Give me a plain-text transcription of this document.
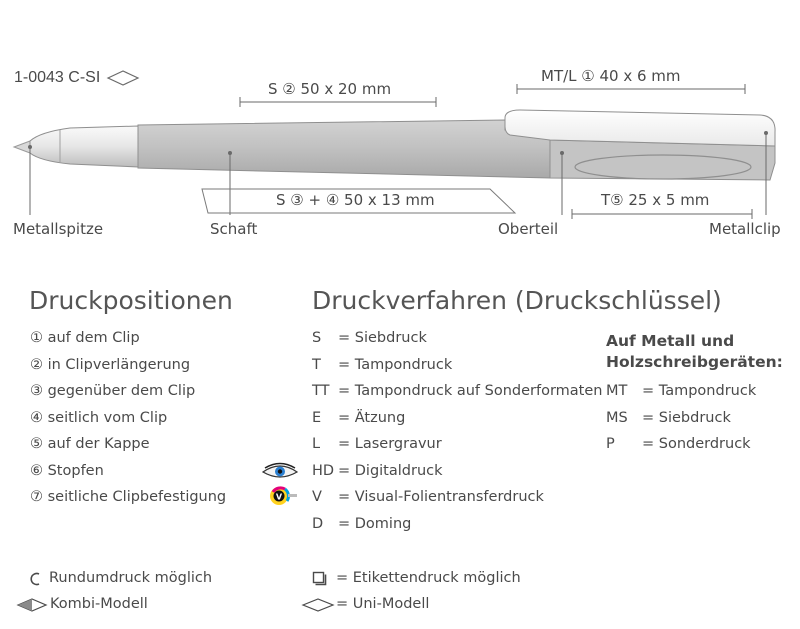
1-0043 C-SI	MT/L ① 40 x 6 mm
S ② 50 x 20 mm
S ③ + ④ 50 x 13 mm	T⑤ 25 x 5 mm
Metallspitze	Schaft	Oberteil	Metallclip
Druckpositionen	Druckverfahren (Druckschlüssel)
① auf dem Clip
② in Clipverlängerung
③ gegenüber dem Clip
④ seitlich vom Clip
⑤ auf der Kappe
⑥ Stopfen
⑦ seitliche Clipbefestigung
S = Siebdruck
T = Tampondruck
TT = Tampondruck auf Sonderformaten
E = Ätzung
L = Lasergravur
HD = Digitaldruck
V = Visual-Folientransferdruck
D = Doming
V
Auf Metall und
Holzschreibgeräten:
MT = Tampondruck
MS = Siebdruck
P = Sonderdruck
Rundumdruck möglich
Kombi-Modell
= Etikettendruck möglich
= Uni-Modell
